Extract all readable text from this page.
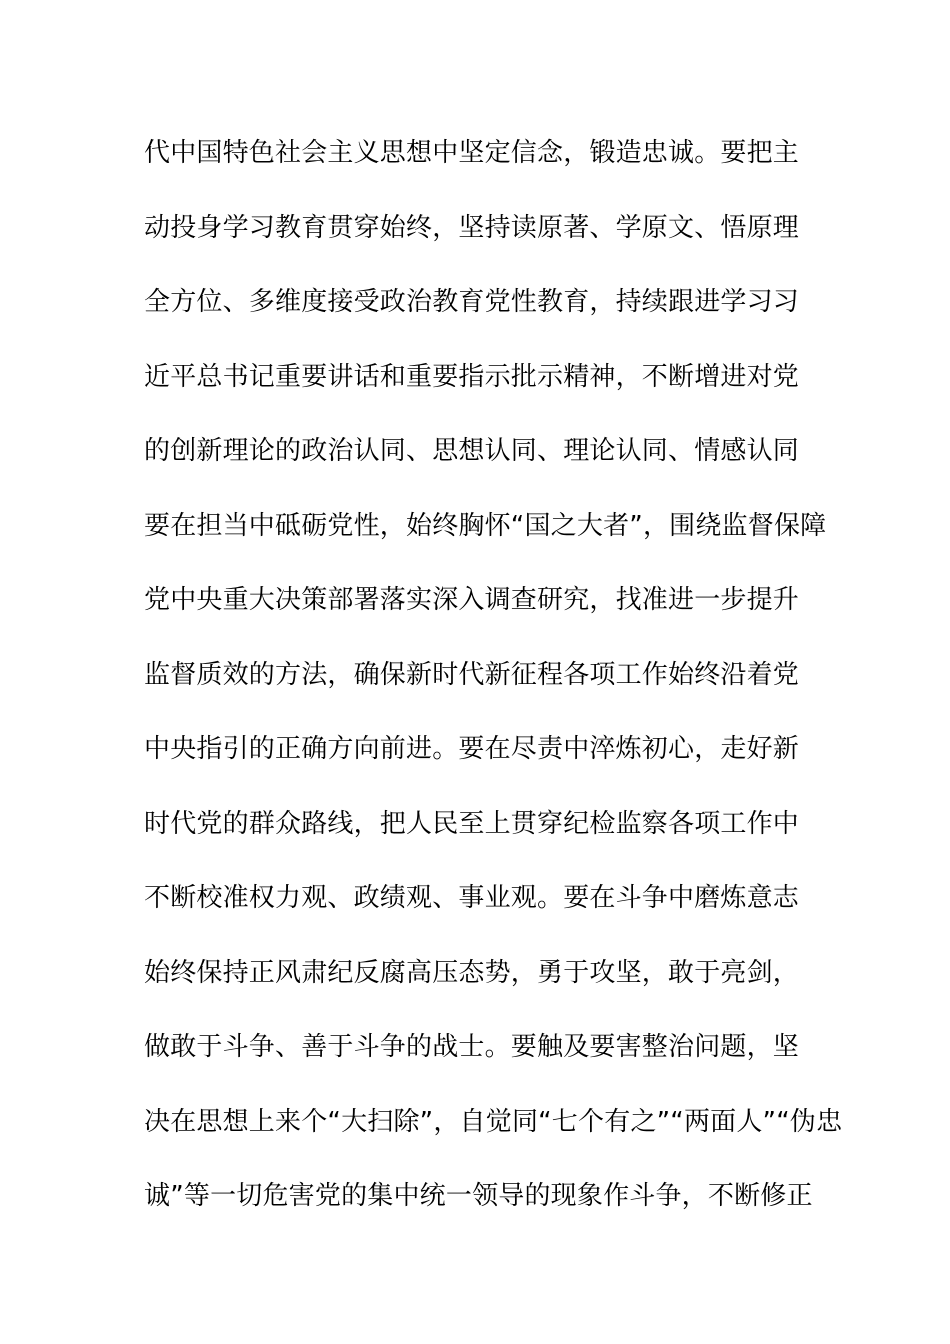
代中国特色社会主义思想中坚定信念，锻造忠诚。要把主
动投身学习教育贯穿始终，坚持读原著、学原文、悟原理
全方位、多维度接受政治教育党性教育，持续跟进学习习
近平总书记重要讲话和重要指示批示精神，不断增进对党
的创新理论的政治认同、思想认同、理论认同、情感认同
要在担当中砥砺党性，始终胸怀“国之大者”，围绕监督保障
党中央重大决策部署落实深入调查研究，找准进一步提升
监督质效的方法，确保新时代新征程各项工作始终沿着党
中央指引的正确方向前进。要在尽责中淬炼初心，走好新
时代党的群众路线，把人民至上贯穿纪检监察各项工作中
不断校准权力观、政绩观、事业观。要在斗争中磨炼意志
始终保持正风肃纪反腐高压态势，勇于攻坚，敢于亮剑，
做敢于斗争、善于斗争的战士。要触及要害整治问题，坚
决在思想上来个“大扫除”，自觉同“七个有之”“两面人”“伪忠
诚”等一切危害党的集中统一领导的现象作斗争，不断修正
